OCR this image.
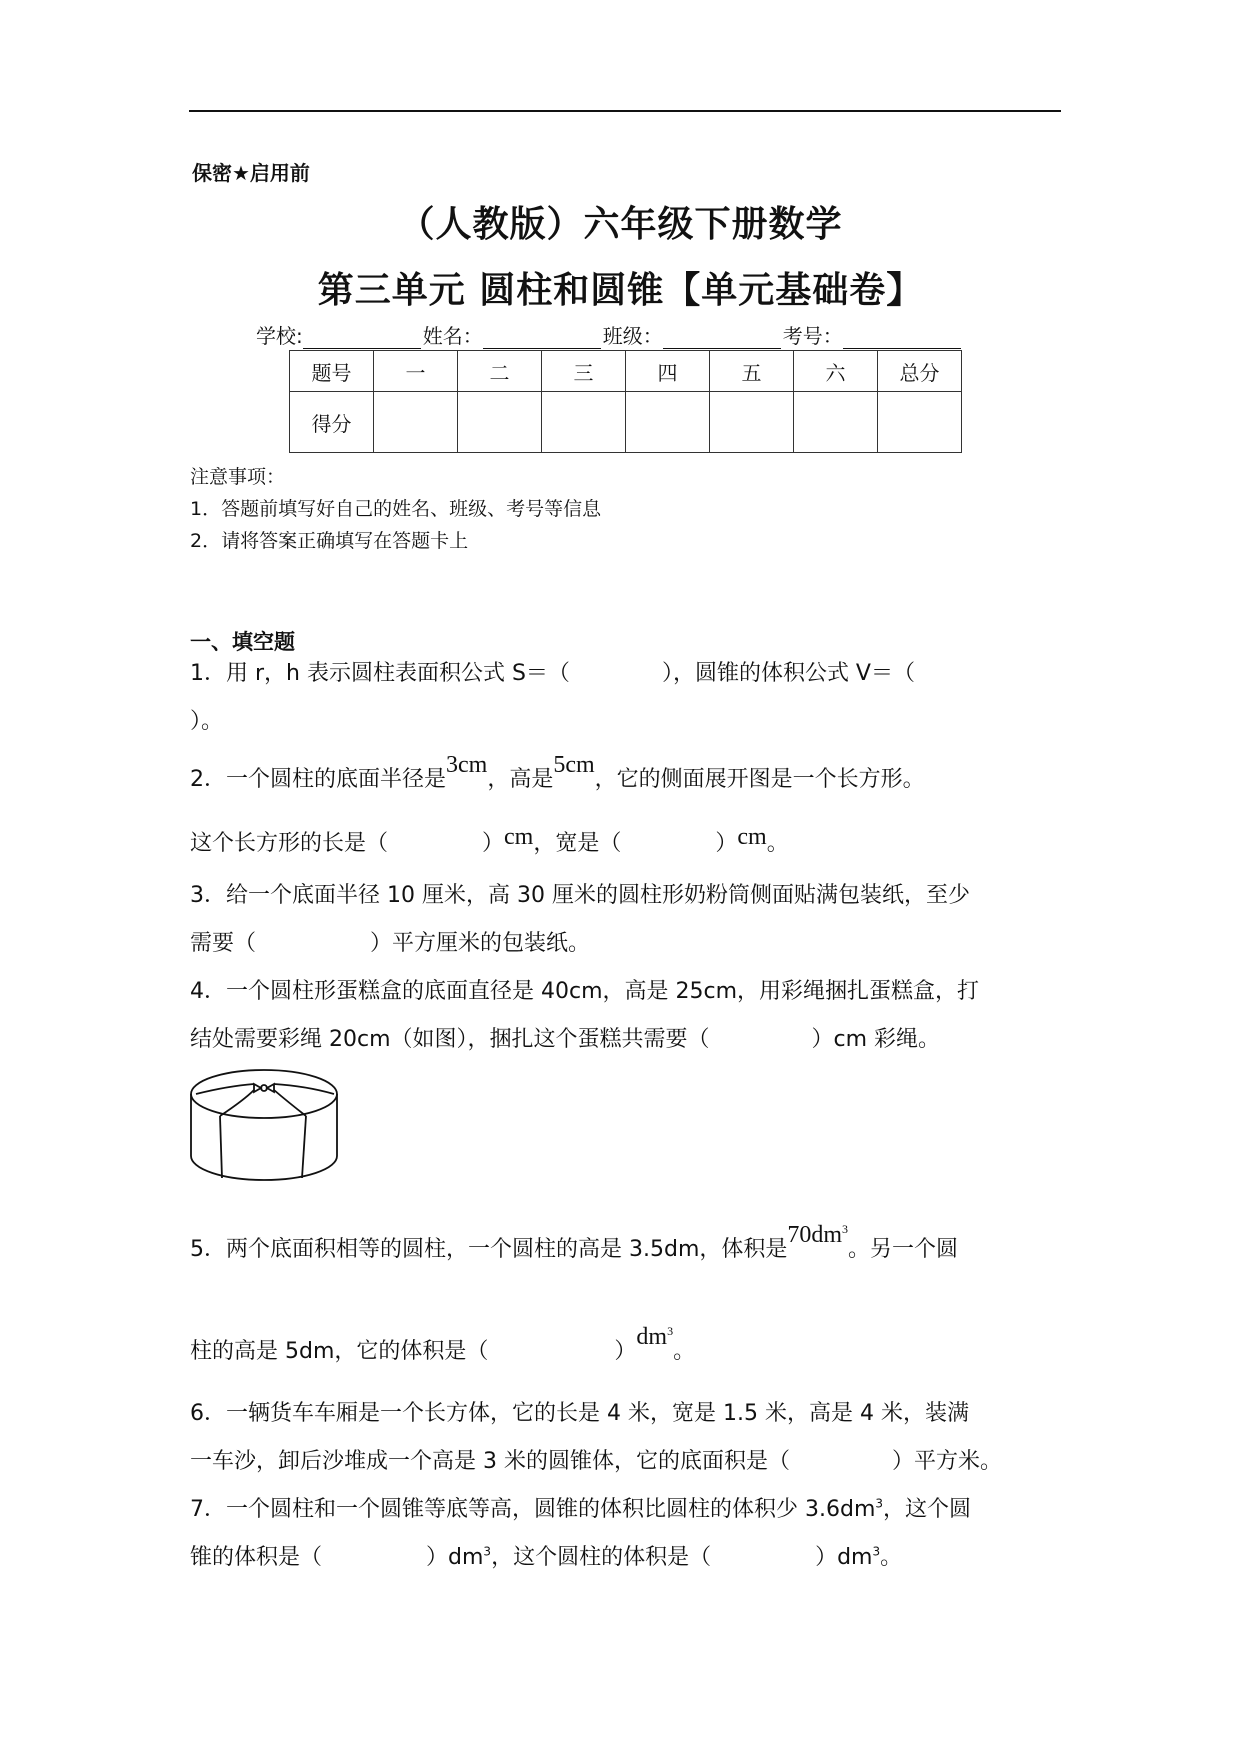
保密★启用前
（人教版）六年级下册数学
第三单元 圆柱和圆锥【单元基础卷】
学校:	姓名：	班级：	考号：
题号	一	二	三	四	五	六	总分
得分							
注意事项：
1．答题前填写好自己的姓名、班级、考号等信息
2．请将答案正确填写在答题卡上
一、填空题
1．用 r，h 表示圆柱表面积公式 S＝（	），圆锥的体积公式 V＝（
）。
2．一个圆柱的底面半径是3cm，高是5cm，它的侧面展开图是一个长方形。
这个长方形的长是（	）cm，宽是（	）cm。
3．给一个底面半径 10 厘米，高 30 厘米的圆柱形奶粉筒侧面贴满包装纸，至少
需要（	）平方厘米的包装纸。
4．一个圆柱形蛋糕盒的底面直径是 40cm，高是 25cm，用彩绳捆扎蛋糕盒，打
结处需要彩绳 20cm（如图），捆扎这个蛋糕共需要（	）cm 彩绳。
5．两个底面积相等的圆柱，一个圆柱的高是 3.5dm，体积是$70dm^3$。另一个圆
柱的高是 5dm，它的体积是（	）$dm^3$。
6．一辆货车车厢是一个长方体，它的长是 4 米，宽是 1.5 米，高是 4 米，装满
一车沙，卸后沙堆成一个高是 3 米的圆锥体，它的底面积是（	）平方米。
7．一个圆柱和一个圆锥等底等高，圆锥的体积比圆柱的体积少 $3.6dm^3$，这个圆
锥的体积是（	）$dm^3$，这个圆柱的体积是（	）$dm^3$。
